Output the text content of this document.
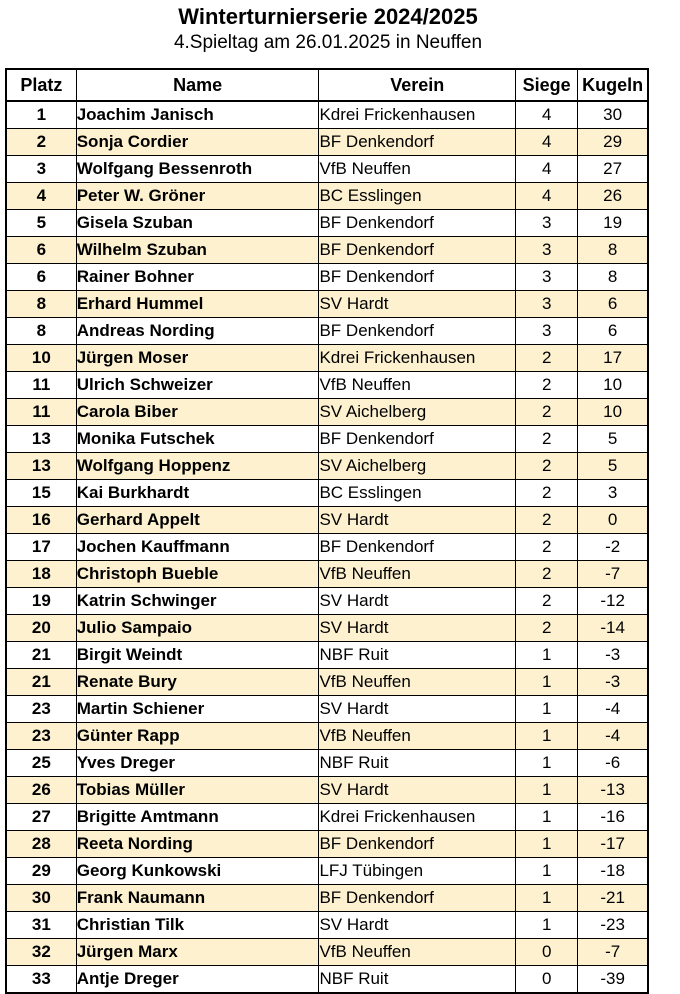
Winterturnierserie 2024/2025
4.Spieltag am 26.01.2025 in Neuffen
Platz	Name	Verein	Siege	Kugeln
1	Joachim Janisch	Kdrei Frickenhausen	4	30
2	Sonja Cordier	BF Denkendorf	4	29
3	Wolfgang Bessenroth	VfB Neuffen	4	27
4	Peter W. Gröner	BC Esslingen	4	26
5	Gisela Szuban	BF Denkendorf	3	19
6	Wilhelm Szuban	BF Denkendorf	3	8
6	Rainer Bohner	BF Denkendorf	3	8
8	Erhard Hummel	SV Hardt	3	6
8	Andreas Nording	BF Denkendorf	3	6
10	Jürgen Moser	Kdrei Frickenhausen	2	17
11	Ulrich Schweizer	VfB Neuffen	2	10
11	Carola Biber	SV Aichelberg	2	10
13	Monika Futschek	BF Denkendorf	2	5
13	Wolfgang Hoppenz	SV Aichelberg	2	5
15	Kai Burkhardt	BC Esslingen	2	3
16	Gerhard Appelt	SV Hardt	2	0
17	Jochen Kauffmann	BF Denkendorf	2	-2
18	Christoph Bueble	VfB Neuffen	2	-7
19	Katrin Schwinger	SV Hardt	2	-12
20	Julio Sampaio	SV Hardt	2	-14
21	Birgit Weindt	NBF Ruit	1	-3
21	Renate Bury	VfB Neuffen	1	-3
23	Martin Schiener	SV Hardt	1	-4
23	Günter Rapp	VfB Neuffen	1	-4
25	Yves Dreger	NBF Ruit	1	-6
26	Tobias Müller	SV Hardt	1	-13
27	Brigitte Amtmann	Kdrei Frickenhausen	1	-16
28	Reeta Nording	BF Denkendorf	1	-17
29	Georg Kunkowski	LFJ Tübingen	1	-18
30	Frank Naumann	BF Denkendorf	1	-21
31	Christian Tilk	SV Hardt	1	-23
32	Jürgen Marx	VfB Neuffen	0	-7
33	Antje Dreger	NBF Ruit	0	-39
